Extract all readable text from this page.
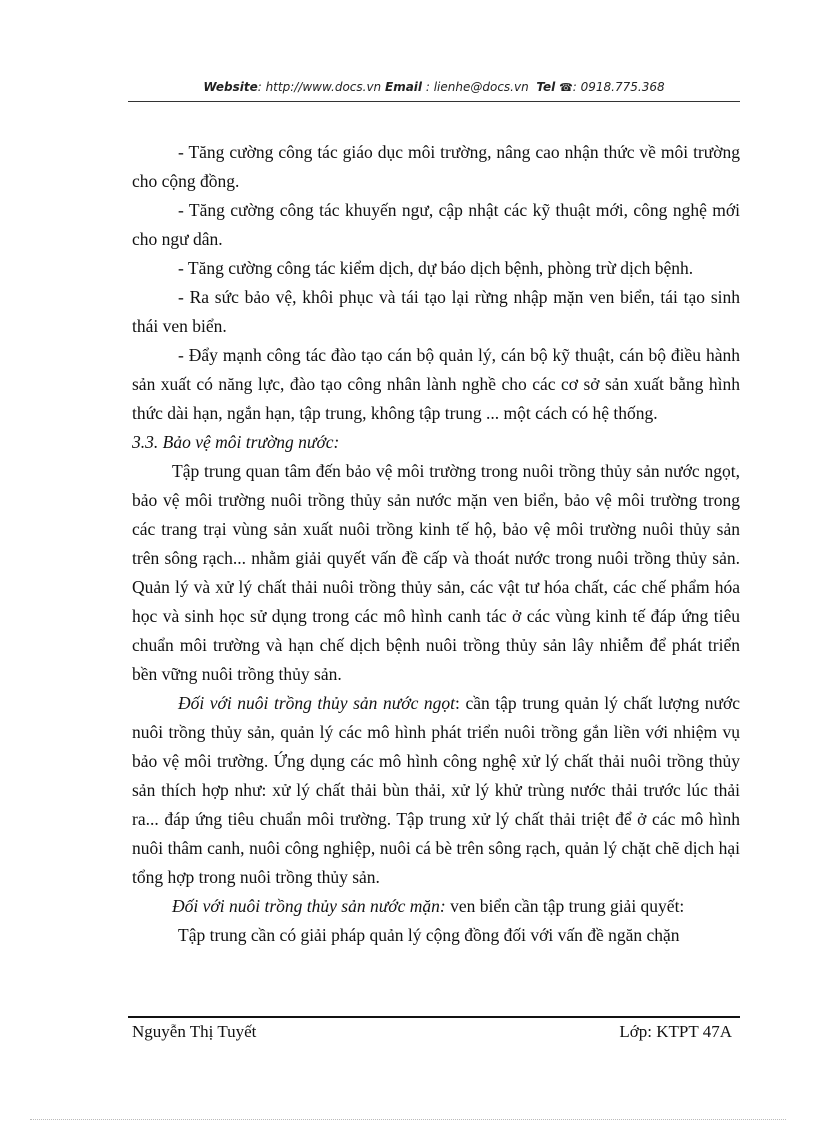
Website: http://www.docs.vn Email : lienhe@docs.vn Tel ☎: 0918.775.368

- Tăng cường công tác giáo dục môi trường, nâng cao nhận thức về môi trường cho cộng đồng.

- Tăng cường công tác khuyến ngư, cập nhật các kỹ thuật mới, công nghệ mới cho ngư dân.

- Tăng cường công tác kiểm dịch, dự báo dịch bệnh, phòng trừ dịch bệnh.

- Ra sức bảo vệ, khôi phục và tái tạo lại rừng nhập mặn ven biển, tái tạo sinh thái ven biển.

- Đẩy mạnh công tác đào tạo cán bộ quản lý, cán bộ kỹ thuật, cán bộ điều hành sản xuất có năng lực, đào tạo công nhân lành nghề cho các cơ sở sản xuất bằng hình thức dài hạn, ngắn hạn, tập trung, không tập trung ... một cách có hệ thống.

3.3. Bảo vệ môi trường nước:

Tập trung quan tâm đến bảo vệ môi trường trong nuôi trồng thủy sản nước ngọt, bảo vệ môi trường nuôi trồng thủy sản nước mặn ven biển, bảo vệ môi trường trong các trang trại vùng sản xuất nuôi trồng kinh tế hộ, bảo vệ môi trường nuôi thủy sản trên sông rạch... nhằm giải quyết vấn đề cấp và thoát nước trong nuôi trồng thủy sản. Quản lý và xử lý chất thải nuôi trồng thủy sản, các vật tư hóa chất, các chế phẩm hóa học và sinh học sử dụng trong các mô hình canh tác ở các vùng kinh tế đáp ứng tiêu chuẩn môi trường và hạn chế dịch bệnh nuôi trồng thủy sản lây nhiễm để phát triển bền vững nuôi trồng thủy sản.

Đối với nuôi trồng thủy sản nước ngọt: cần tập trung quản lý chất lượng nước nuôi trồng thủy sản, quản lý các mô hình phát triển nuôi trồng gắn liền với nhiệm vụ bảo vệ môi trường. Ứng dụng các mô hình công nghệ xử lý chất thải nuôi trồng thủy sản thích hợp như: xử lý chất thải bùn thải, xử lý khử trùng nước thải trước lúc thải ra... đáp ứng tiêu chuẩn môi trường. Tập trung xử lý chất thải triệt để ở các mô hình nuôi thâm canh, nuôi công nghiệp, nuôi cá bè trên sông rạch, quản lý chặt chẽ dịch hại tổng hợp trong nuôi trồng thủy sản.

Đối với nuôi trồng thủy sản nước mặn: ven biển cần tập trung giải quyết:

Tập trung cần có giải pháp quản lý cộng đồng đối với vấn đề ngăn chặn

Nguyễn Thị Tuyết	Lớp: KTPT 47A
